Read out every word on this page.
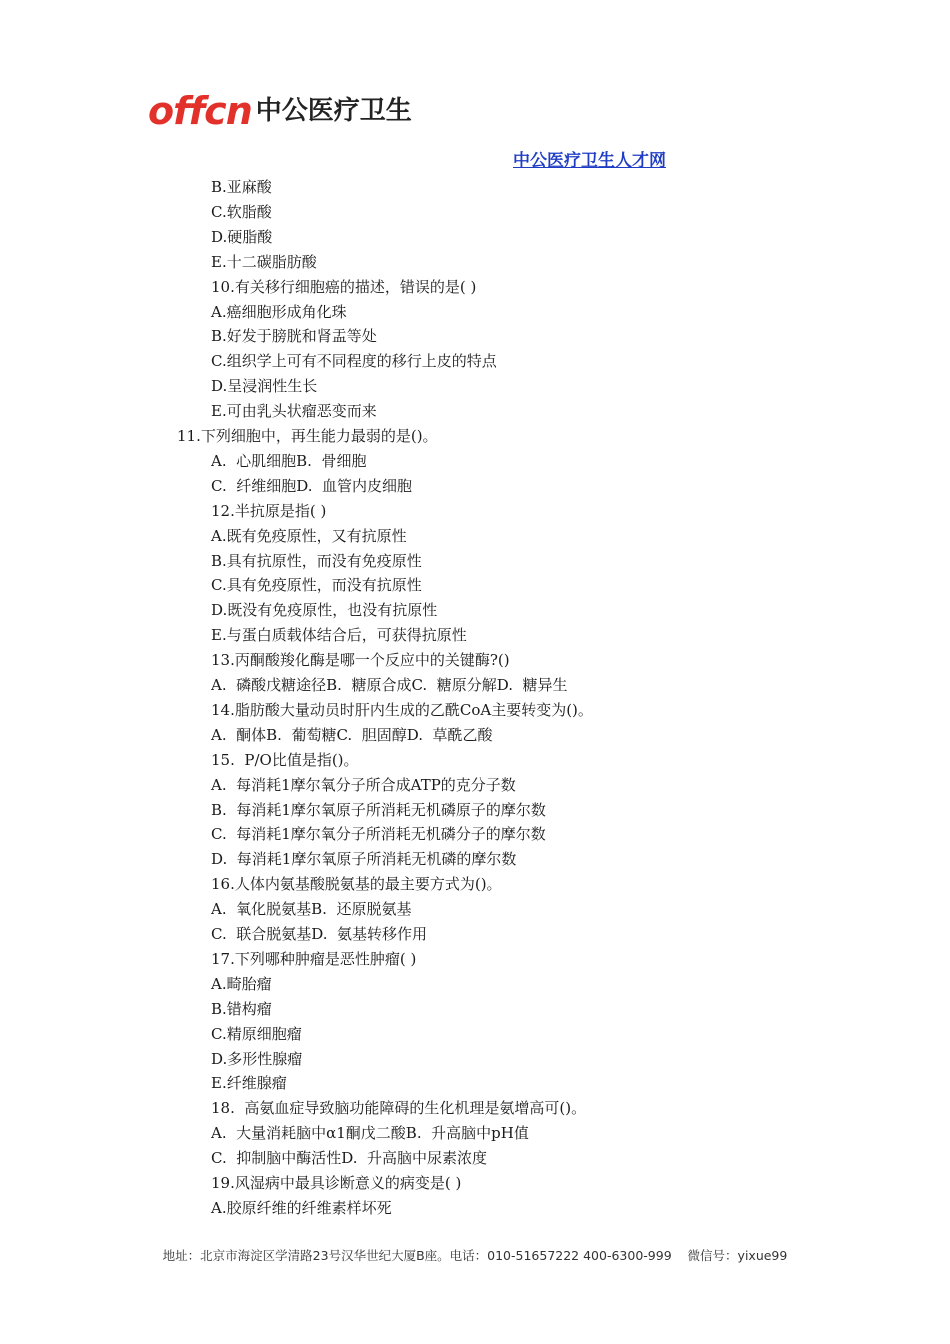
offcn 中公医疗卫生
中公医疗卫生人才网
B.亚麻酸
C.软脂酸
D.硬脂酸
E.十二碳脂肪酸
10.有关移行细胞癌的描述，错误的是( )
A.癌细胞形成角化珠
B.好发于膀胱和肾盂等处
C.组织学上可有不同程度的移行上皮的特点
D.呈浸润性生长
E.可由乳头状瘤恶变而来
11.下列细胞中，再生能力最弱的是()。
A.  心肌细胞B.  骨细胞
C.  纤维细胞D.  血管内皮细胞
12.半抗原是指( )
A.既有免疫原性，又有抗原性
B.具有抗原性，而没有免疫原性
C.具有免疫原性，而没有抗原性
D.既没有免疫原性，也没有抗原性
E.与蛋白质载体结合后，可获得抗原性
13.丙酮酸羧化酶是哪一个反应中的关键酶?()
A.  磷酸戊糖途径B.  糖原合成C.  糖原分解D.  糖异生
14.脂肪酸大量动员时肝内生成的乙酰CoA主要转变为()。
A.  酮体B.  葡萄糖C.  胆固醇D.  草酰乙酸
15.  P/O比值是指()。
A.  每消耗1摩尔氧分子所合成ATP的克分子数
B.  每消耗1摩尔氧原子所消耗无机磷原子的摩尔数
C.  每消耗1摩尔氧分子所消耗无机磷分子的摩尔数
D.  每消耗1摩尔氧原子所消耗无机磷的摩尔数
16.人体内氨基酸脱氨基的最主要方式为()。
A.  氧化脱氨基B.  还原脱氨基
C.  联合脱氨基D.  氨基转移作用
17.下列哪种肿瘤是恶性肿瘤( )
A.畸胎瘤
B.错构瘤
C.精原细胞瘤
D.多形性腺瘤
E.纤维腺瘤
18.  高氨血症导致脑功能障碍的生化机理是氨增高可()。
A.  大量消耗脑中α1酮戊二酸B.  升高脑中pH值
C.  抑制脑中酶活性D.  升高脑中尿素浓度
19.风湿病中最具诊断意义的病变是( )
A.胶原纤维的纤维素样坏死
地址：北京市海淀区学清路23号汉华世纪大厦B座。电话：010-51657222 400-6300-999    微信号：yixue99
